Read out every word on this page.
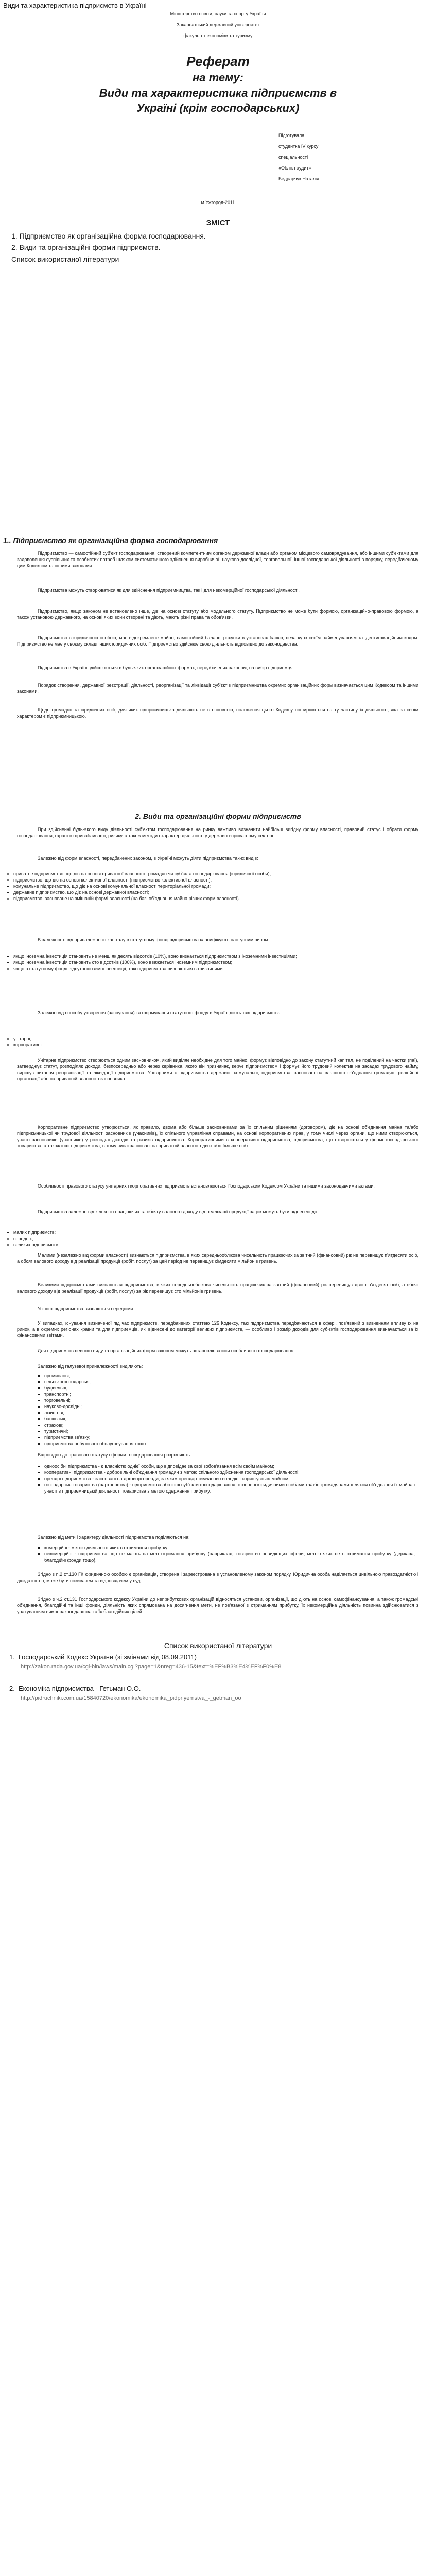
Види та характеристика підприємств в Україні
Міністерство освіти, науки та спорту України
Закарпатський державний університет
факультет економіки та туризму
Реферат
на тему:
Види та характеристика підприємств в
Україні (крім господарських)
Підготувала:
студентка IV курсу
спеціальності
«Облік і аудит»
Бедрарчук Наталія
м.Ужгород-2011
ЗМІСТ
1. Підприємство як організаційна форма господарювання.
2. Види та організаційні форми підприємств.
Список використаної літератури
1.. Підприємство як організаційна форма господарювання

Підприємство — самостійний суб'єкт господарювання, створений компетентним органом державної влади або органом місцевого самоврядування, або іншими суб'єктами для задоволення суспільних та особистих потреб шляхом систематичного здійснення виробничої, науково-дослідної, торговельної, іншої господарської діяльності в порядку, передбаченому цим Кодексом та іншими законами.

Підприємства можуть створюватися як для здійснення підприємництва, так і для некомерційної господарської діяльності.

Підприємство, якщо законом не встановлено інше, діє на основі статуту або модельного статуту. Підприємство не може бути формою, організаційно-правовою формою, а також установою державного, на основі яких вони створені та діють, мають різні права та обов'язки.

Підприємство є юридичною особою, має відокремлене майно, самостійний баланс, рахунки в установах банків, печатку із своїм найменуванням та ідентифікаційним кодом. Підприємство не має у своєму складі інших юридичних осіб. Підприємство здійснює свою діяльність відповідно до законодавства.

Підприємства в Україні здійснюються в будь-яких організаційних формах, передбачених законом, на вибір підприємця.

Порядок створення, державної реєстрації, діяльності, реорганізації та ліквідації суб'єктів підприємництва окремих організаційних форм визначається цим Кодексом та іншими законами.

Щодо громадян та юридичних осіб, для яких підприємницька діяльність не є основною, положення цього Кодексу поширюються на ту частину їх діяльності, яка за своїм характером є підприємницькою.

2. Види та організаційні форми підприємств

При здійсненні будь-якого виду діяльності суб'єктом господарювання на ринку важливо визначити найбільш вигідну форму власності, правовий статус і обрати форму господарювання, гарантію привабливості, ризику, а також методи і характер діяльності у державно-приватному секторі.

Залежно від форм власності, передбачених законом, в Україні можуть діяти підприємства таких видів:

• приватне підприємство, що діє на основі приватної власності громадян чи суб'єкта господарювання (юридичної особи);
• підприємство, що діє на основі колективної власності (підприємство колективної власності);
• комунальне підприємство, що діє на основі комунальної власності територіальної громади;
• державне підприємство, що діє на основі державної власності;
• підприємство, засноване на змішаній формі власності (на базі об'єднання майна різних форм власності).

В залежності від приналежності капіталу в статутному фонді підприємства класифікують наступним чином:

• якщо іноземна інвестиція становить не менш як десять відсотків (10%), воно визнається підприємством з іноземними інвестиціями;
• якщо іноземна інвестиція становить сто відсотків (100%), воно вважається іноземним підприємством;
• якщо в статутному фонді відсутні іноземні інвестиції, такі підприємства визнаються вітчизняними.

Залежно від способу утворення (заснування) та формування статутного фонду в Україні діють такі підприємства:

• унітарні;
• корпоративні.

Унітарне підприємство створюється одним засновником, який виділяє необхідне для того майно, формує відповідно до закону статутний капітал, не поділений на частки (паї), затверджує статут, розподіляє доходи, безпосередньо або через керівника, якого він призначає, керує підприємством і формує його трудовий колектив на засадах трудового найму, вирішує питання реорганізації та ліквідації підприємства. Унітарними є підприємства державні, комунальні, підприємства, засновані на власності об'єднання громадян, релігійної організації або на приватній власності засновника.

Корпоративне підприємство утворюється, як правило, двома або більше засновниками за їх спільним рішенням (договором), діє на основі об'єднання майна та/або підприємницької чи трудової діяльності засновників (учасників), їх спільного управління справами, на основі корпоративних прав, у тому числі через органи, що ними створюються, участі засновників (учасників) у розподілі доходів та ризиків підприємства. Корпоративними є кооперативні підприємства, підприємства, що створюються у формі господарського товариства, а також інші підприємства, в тому числі засновані на приватній власності двох або більше осіб.

Особливості правового статусу унітарних і корпоративних підприємств встановлюються Господарським Кодексом України та іншими законодавчими актами.

Підприємства залежно від кількості працюючих та обсягу валового доходу від реалізації продукції за рік можуть бути віднесені до:

• малих підприємств;
• середніх;
• великих підприємств.

Малими (незалежно від форми власності) визнаються підприємства, в яких середньооблікова чисельність працюючих за звітний (фінансовий) рік не перевищує п'ятдесяти осіб, а обсяг валового доходу від реалізації продукції (робіт, послуг) за цей період не перевищує сімдесяти мільйонів гривень.

Великими підприємствами визнаються підприємства, в яких середньооблікова чисельність працюючих за звітний (фінансовий) рік перевищує двісті п'ятдесят осіб, а обсяг валового доходу від реалізації продукції (робіт, послуг) за рік перевищує сто мільйонів гривень.

Усі інші підприємства визнаються середніми.

У випадках, існування визначеної під час підприємств, передбачених статтею 126 Кодексу, такі підприємства передбачаються в сфері, пов'язаній з вивченням впливу їх на ринок, а в окремих регіонах країни та для підприємців, які віднесені до категорії великих підприємств, — особливо і розмір доходів для суб'єктів господарювання визначається за їх фінансовими звітами.

Для підприємств певного виду та організаційних форм законом можуть встановлюватися особливості господарювання.

Залежно від галузевої приналежності виділяють:

▪ промислові;
▪ сільськогосподарські;
▪ будівельні;
▪ транспортні;
▪ торговельні;
▪ науково-дослідні;
▪ лізингові;
▪ банківські;
▪ страхові;
▪ туристичні;
▪ підприємства зв'язку;
▪ підприємства побутового обслуговування тощо.

Відповідно до правового статусу і форми господарювання розрізняють:

▪ одноосібні підприємства - є власністю однієї особи, що відповідає за свої зобов'язання всім своїм майном;
▪ кооперативні підприємства - добровільні об'єднання громадян з метою спільного здійснення господарської діяльності;
▪ орендні підприємства - засновані на договорі оренди, за яким орендар тимчасово володіє і користується майном;
▪ господарські товариства (партнерства) - підприємства або інші суб'єкти господарювання, створені юридичними особами та/або громадянами шляхом об'єднання їх майна і участі в підприємницькій діяльності товариства з метою одержання прибутку.

Залежно від мети і характеру діяльності підприємства поділяються на:

▪ комерційні - метою діяльності яких є отримання прибутку;
▪ некомерційні - підприємства, що не мають на меті отримання прибутку (наприклад, товариство невидющих сфери, метою яких не є отримання прибутку (держава, благодійні фонди тощо).

Згідно з п.2 ст.130 ГК юридичною особою є організація, створена і зареєстрована в установленому законом порядку. Юридична особа наділяється цивільною правоздатністю і дієздатністю, може бути позивачем та відповідачем у суді.

Згідно з ч.2 ст.131 Господарського кодексу України до неприбуткових організацій відносяться установи, організації, що діють на основі самофінансування, а також громадські об'єднання, благодійні та інші фонди, діяльність яких спрямована на досягнення мети, не пов'язаної з отриманням прибутку, їх некомерційна діяльність повинна здійснюватися з урахуванням вимог законодавства та їх благодійних цілей.

Список використаної літератури
1. Господарський Кодекс України (зі змінами від 08.09.2011)
http://zakon.rada.gov.ua/cgi-bin/laws/main.cgi?page=1&nreg=436-15&text=%EF%B3%E4%EF%F0%E8
2. Економіка підприємства - Гетьман О.О.
http://pidruchniki.com.ua/15840720/ekonomika/ekonomika_pidpriyemstva_-_getman_oo
